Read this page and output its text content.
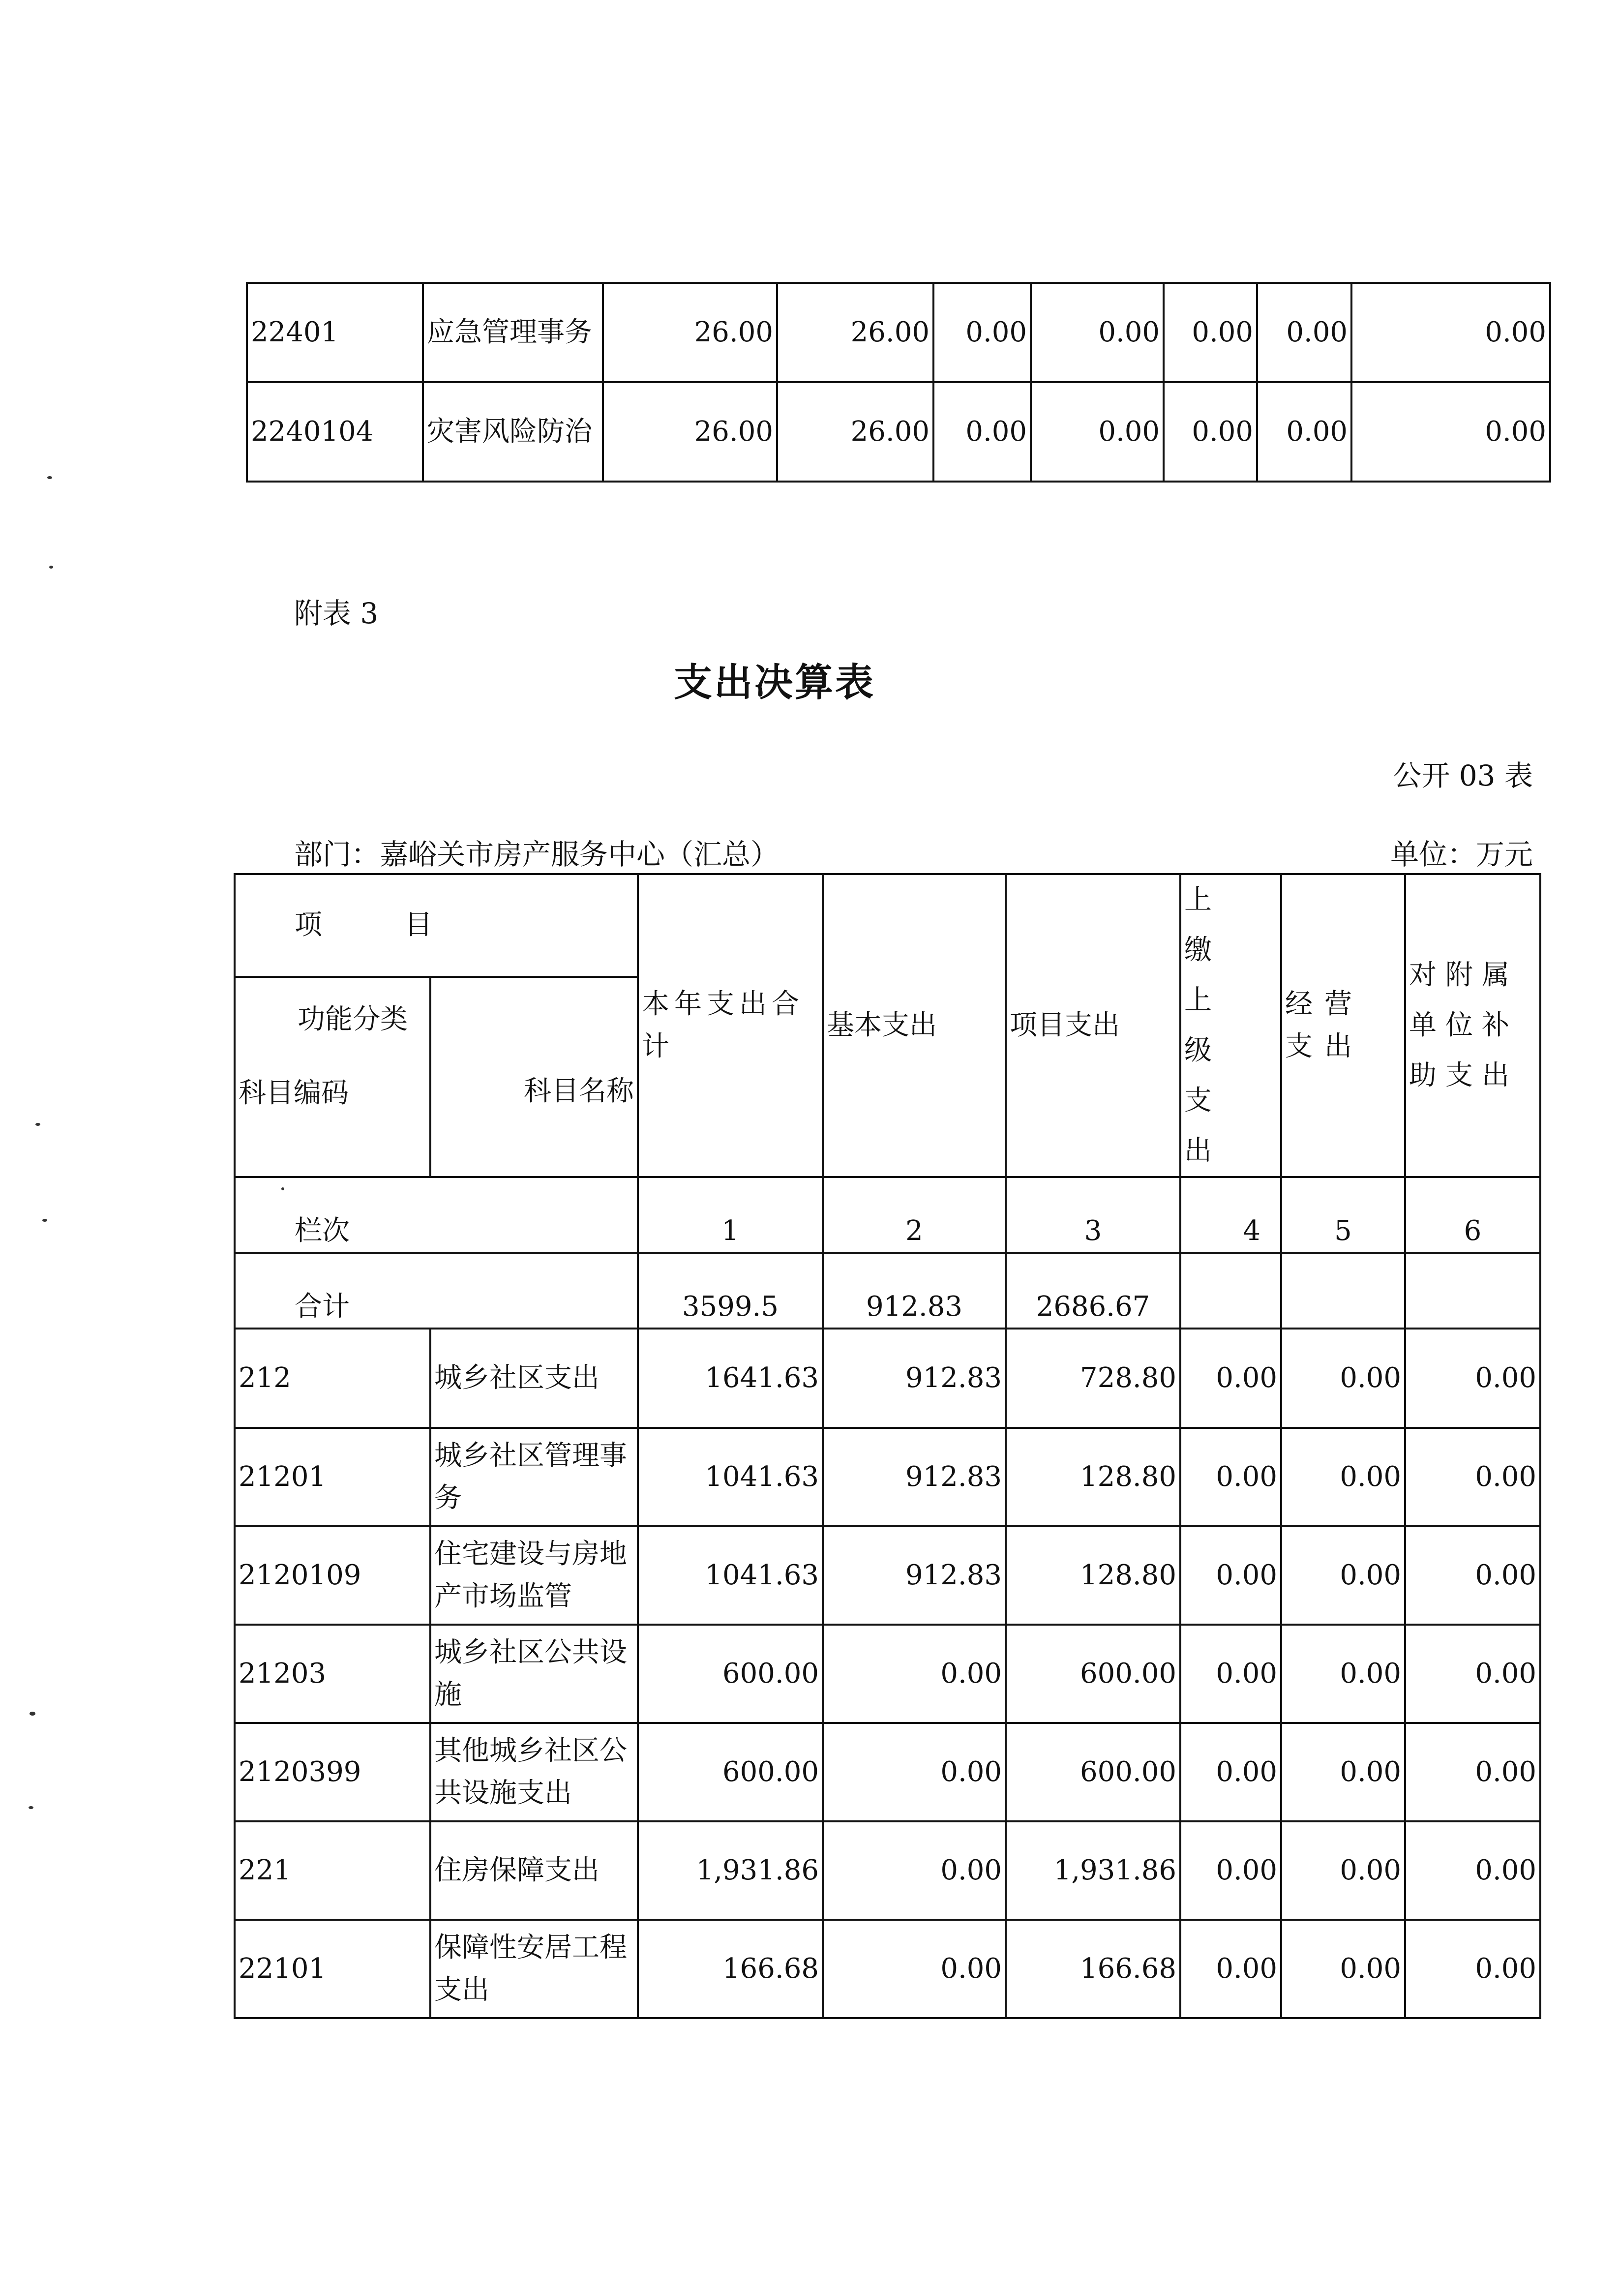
22401	应急管理事务	26.00	26.00	0.00	0.00	0.00	0.00	0.00
2240104	灾害风险防治	26.00	26.00	0.00	0.00	0.00	0.00	0.00
附表 3
支出决算表
公开 03 表
部门：嘉峪关市房产服务中心（汇总）	单位：万元
项　　　目		本年支出合计	基本支出	项目支出	上缴上级支出	经营支出	对附属单位补助支出

功能分类
科目编码	科目名称						
栏次		1	2	3	4	5	6
合计		3599.5	912.83	2686.67			
212	城乡社区支出	1641.63	912.83	728.80	0.00	0.00	0.00
21201	城乡社区管理事务	1041.63	912.83	128.80	0.00	0.00	0.00
2120109	住宅建设与房地产市场监管	1041.63	912.83	128.80	0.00	0.00	0.00
21203	城乡社区公共设施	600.00	0.00	600.00	0.00	0.00	0.00
2120399	其他城乡社区公共设施支出	600.00	0.00	600.00	0.00	0.00	0.00
221	住房保障支出	1,931.86	0.00	1,931.86	0.00	0.00	0.00
22101	保障性安居工程支出	166.68	0.00	166.68	0.00	0.00	0.00
